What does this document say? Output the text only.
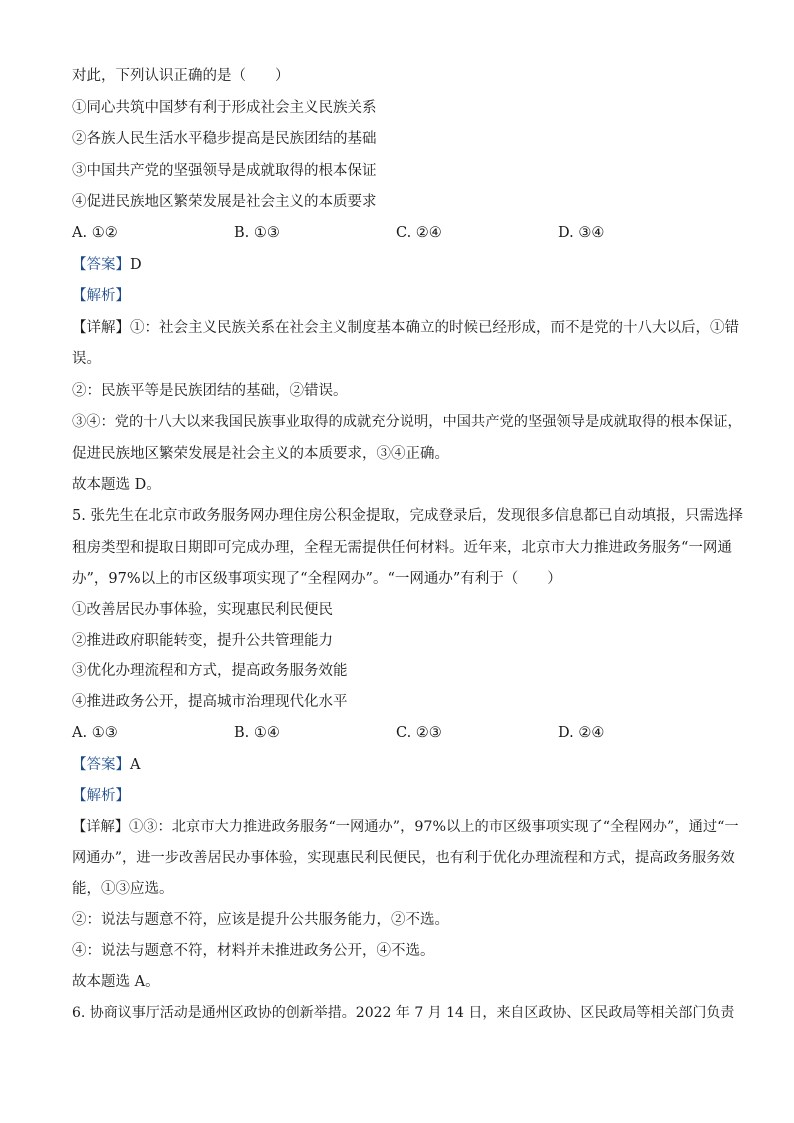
对此，下列认识正确的是（　　）
①同心共筑中国梦有利于形成社会主义民族关系
②各族人民生活水平稳步提高是民族团结的基础
③中国共产党的坚强领导是成就取得的根本保证
④促进民族地区繁荣发展是社会主义的本质要求
A. ①②	B. ①③	C. ②④	D. ③④
【答案】D
【解析】
【详解】①：社会主义民族关系在社会主义制度基本确立的时候已经形成，而不是党的十八大以后，①错
误。
②：民族平等是民族团结的基础，②错误。
③④：党的十八大以来我国民族事业取得的成就充分说明，中国共产党的坚强领导是成就取得的根本保证，
促进民族地区繁荣发展是社会主义的本质要求，③④正确。
故本题选 D。
5. 张先生在北京市政务服务网办理住房公积金提取，完成登录后，发现很多信息都已自动填报，只需选择
租房类型和提取日期即可完成办理，全程无需提供任何材料。近年来，北京市大力推进政务服务“一网通
办”，97%以上的市区级事项实现了“全程网办”。“一网通办”有利于（　　）
①改善居民办事体验，实现惠民利民便民
②推进政府职能转变，提升公共管理能力
③优化办理流程和方式，提高政务服务效能
④推进政务公开，提高城市治理现代化水平
A. ①③	B. ①④	C. ②③	D. ②④
【答案】A
【解析】
【详解】①③：北京市大力推进政务服务“一网通办”，97%以上的市区级事项实现了“全程网办”，通过“一
网通办”，进一步改善居民办事体验，实现惠民利民便民，也有利于优化办理流程和方式，提高政务服务效
能，①③应选。
②：说法与题意不符，应该是提升公共服务能力，②不选。
④：说法与题意不符，材料并未推进政务公开，④不选。
故本题选 A。
6. 协商议事厅活动是通州区政协的创新举措。2022 年 7 月 14 日，来自区政协、区民政局等相关部门负责
